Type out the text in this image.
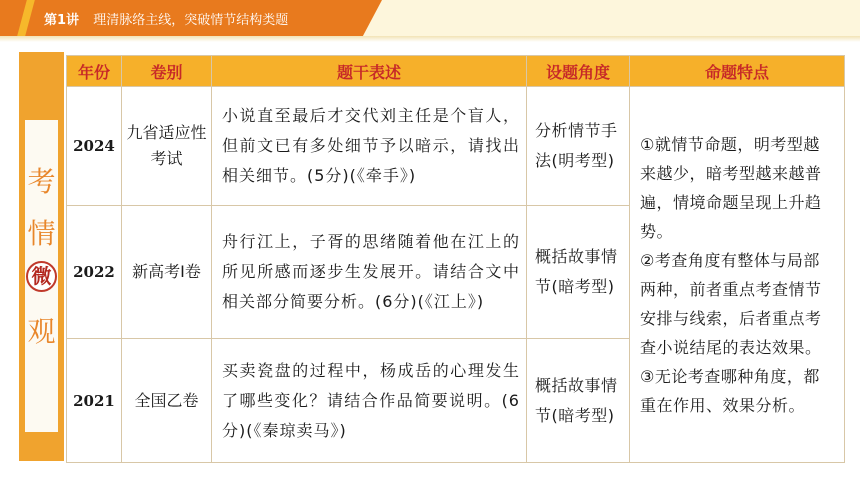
第1讲 理清脉络主线，突破情节结构类题
考
情
微
观
年份	卷别	题干表述	设题角度	命题特点
2024	九省适应性考试	小说直至最后才交代刘主任是个盲人，但前文已有多处细节予以暗示，请找出相关细节。(5分)(《牵手》)	分析情节手法(明考型)	①就情节命题，明考型越来越少，暗考型越来越普遍，情境命题呈现上升趋势。

②考查角度有整体与局部两种，前者重点考查情节安排与线索，后者重点考查小说结尾的表达效果。

③无论考查哪种角度，都重在作用、效果分析。

2022	新高考Ⅰ卷	舟行江上，子胥的思绪随着他在江上的所见所感而逐步生发展开。请结合文中相关部分简要分析。(6分)(《江上》)	概括故事情节(暗考型)	
2021	全国乙卷	买卖瓷盘的过程中，杨成岳的心理发生了哪些变化？请结合作品简要说明。(6分)(《秦琼卖马》)	概括故事情节(暗考型)	
